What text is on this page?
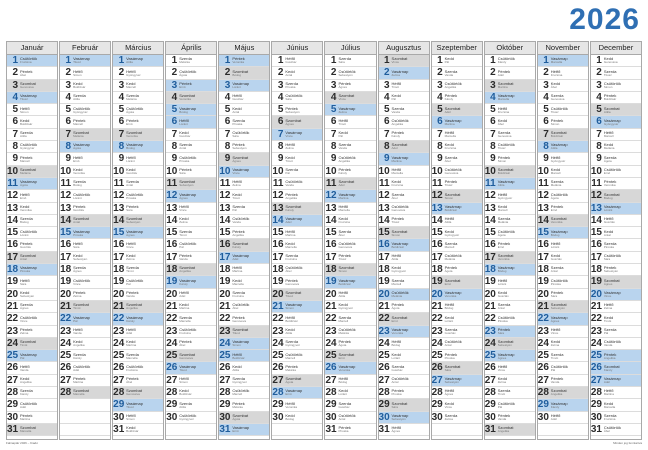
2026
Január
1 Csütörtök
Fruzsina
2 Péntek
Ábel
3 Szombat
Genovéva
4 Vasárnap
Titusz
5 Hétfő
Simon
6 Kedd
Boldizsár
7 Szerda
Attila
8 Csütörtök
Gyöngyvér
9 Péntek
Marcell
10 Szombat
Melánia
11 Vasárnap
Ágota
12 Hétfő
Ernő
13 Kedd
Veronika
14 Szerda
Bódog
15 Csütörtök
Lóránt
16 Péntek
Gusztáv
17 Szombat
Antal
18 Vasárnap
Piroska
19 Hétfő
Sára
20 Kedd
Sebestyén
21 Szerda
Ágnes
22 Csütörtök
Vince
23 Péntek
Zelma
24 Szombat
Timót
25 Vasárnap
Pál
26 Hétfő
Vanda
27 Kedd
Angelika
28 Szerda
Károly
29 Csütörtök
Adél
30 Péntek
Martina
31 Szombat
Marcella
Február
1 Vasárnap
Titusz
2 Hétfő
Simon
3 Kedd
Boldizsár
4 Szerda
Attila
5 Csütörtök
Gyöngyvér
6 Péntek
Marcell
7 Szombat
Melánia
8 Vasárnap
Ágota
9 Hétfő
Ernő
10 Kedd
Veronika
11 Szerda
Bódog
12 Csütörtök
Lóránt
13 Péntek
Gusztáv
14 Szombat
Antal
15 Vasárnap
Piroska
16 Hétfő
Sára
17 Kedd
Sebestyén
18 Szerda
Ágnes
19 Csütörtök
Vince
20 Péntek
Zelma
21 Szombat
Timót
22 Vasárnap
Pál
23 Hétfő
Vanda
24 Kedd
Angelika
25 Szerda
Károly
26 Csütörtök
Adél
27 Péntek
Martina
28 Szombat
Marcella
Március
1 Vasárnap
Attila
2 Hétfő
Gyöngyvér
3 Kedd
Marcell
4 Szerda
Melánia
5 Csütörtök
Ágota
6 Péntek
Ernő
7 Szombat
Veronika
8 Vasárnap
Bódog
9 Hétfő
Lóránt
10 Kedd
Gusztáv
11 Szerda
Antal
12 Csütörtök
Piroska
13 Péntek
Sára
14 Szombat
Sebestyén
15 Vasárnap
Ágnes
16 Hétfő
Vince
17 Kedd
Zelma
18 Szerda
Timót
19 Csütörtök
Pál
20 Péntek
Vanda
21 Szombat
Angelika
22 Vasárnap
Károly
23 Hétfő
Adél
24 Kedd
Martina
25 Szerda
Marcella
26 Csütörtök
Fruzsina
27 Péntek
Ábel
28 Szombat
Genovéva
29 Vasárnap
Titusz
30 Hétfő
Simon
31 Kedd
Boldizsár
Április
1 Szerda
Melánia
2 Csütörtök
Ágota
3 Péntek
Ernő
4 Szombat
Veronika
5 Vasárnap
Bódog
6 Hétfő
Lóránt
7 Kedd
Gusztáv
8 Szerda
Antal
9 Csütörtök
Piroska
10 Péntek
Sára
11 Szombat
Sebestyén
12 Vasárnap
Ágnes
13 Hétfő
Vince
14 Kedd
Zelma
15 Szerda
Timót
16 Csütörtök
Pál
17 Péntek
Vanda
18 Szombat
Angelika
19 Vasárnap
Károly
20 Hétfő
Adél
21 Kedd
Martina
22 Szerda
Marcella
23 Csütörtök
Fruzsina
24 Péntek
Ábel
25 Szombat
Genovéva
26 Vasárnap
Titusz
27 Hétfő
Simon
28 Kedd
Boldizsár
29 Szerda
Attila
30 Csütörtök
Gyöngyvér
Május
1 Péntek
Veronika
2 Szombat
Bódog
3 Vasárnap
Lóránt
4 Hétfő
Gusztáv
5 Kedd
Antal
6 Szerda
Piroska
7 Csütörtök
Sára
8 Péntek
Sebestyén
9 Szombat
Ágnes
10 Vasárnap
Vince
11 Hétfő
Zelma
12 Kedd
Timót
13 Szerda
Pál
14 Csütörtök
Vanda
15 Péntek
Angelika
16 Szombat
Károly
17 Vasárnap
Adél
18 Hétfő
Martina
19 Kedd
Marcella
20 Szerda
Fruzsina
21 Csütörtök
Ábel
22 Péntek
Genovéva
23 Szombat
Titusz
24 Vasárnap
Simon
25 Hétfő
Boldizsár
26 Kedd
Attila
27 Szerda
Gyöngyvér
28 Csütörtök
Marcell
29 Péntek
Melánia
30 Szombat
Ágota
31 Vasárnap
Ernő
Június
1 Hétfő
Gusztáv
2 Kedd
Antal
3 Szerda
Piroska
4 Csütörtök
Sára
5 Péntek
Sebestyén
6 Szombat
Ágnes
7 Vasárnap
Vince
8 Hétfő
Zelma
9 Kedd
Timót
10 Szerda
Pál
11 Csütörtök
Vanda
12 Péntek
Angelika
13 Szombat
Károly
14 Vasárnap
Adél
15 Hétfő
Martina
16 Kedd
Marcella
17 Szerda
Fruzsina
18 Csütörtök
Ábel
19 Péntek
Genovéva
20 Szombat
Titusz
21 Vasárnap
Simon
22 Hétfő
Boldizsár
23 Kedd
Attila
24 Szerda
Gyöngyvér
25 Csütörtök
Marcell
26 Péntek
Melánia
27 Szombat
Ágota
28 Vasárnap
Ernő
29 Hétfő
Veronika
30 Kedd
Bódog
Július
1 Szerda
Sára
2 Csütörtök
Sebestyén
3 Péntek
Ágnes
4 Szombat
Vince
5 Vasárnap
Zelma
6 Hétfő
Timót
7 Kedd
Pál
8 Szerda
Vanda
9 Csütörtök
Angelika
10 Péntek
Károly
11 Szombat
Adél
12 Vasárnap
Martina
13 Hétfő
Marcella
14 Kedd
Fruzsina
15 Szerda
Ábel
16 Csütörtök
Genovéva
17 Péntek
Titusz
18 Szombat
Simon
19 Vasárnap
Boldizsár
20 Hétfő
Attila
21 Kedd
Gyöngyvér
22 Szerda
Marcell
23 Csütörtök
Melánia
24 Péntek
Ágota
25 Szombat
Ernő
26 Vasárnap
Veronika
27 Hétfő
Bódog
28 Kedd
Lóránt
29 Szerda
Gusztáv
30 Csütörtök
Antal
31 Péntek
Piroska
Augusztus
1 Szombat
Vince
2 Vasárnap
Zelma
3 Hétfő
Timót
4 Kedd
Pál
5 Szerda
Vanda
6 Csütörtök
Angelika
7 Péntek
Károly
8 Szombat
Adél
9 Vasárnap
Martina
10 Hétfő
Marcella
11 Kedd
Fruzsina
12 Szerda
Ábel
13 Csütörtök
Genovéva
14 Péntek
Titusz
15 Szombat
Simon
16 Vasárnap
Boldizsár
17 Hétfő
Attila
18 Kedd
Gyöngyvér
19 Szerda
Marcell
20 Csütörtök
Melánia
21 Péntek
Ágota
22 Szombat
Ernő
23 Vasárnap
Veronika
24 Hétfő
Bódog
25 Kedd
Lóránt
26 Szerda
Gusztáv
27 Csütörtök
Antal
28 Péntek
Piroska
29 Szombat
Sára
30 Vasárnap
Sebestyén
31 Hétfő
Ágnes
Szeptember
1 Kedd
Pál
2 Szerda
Vanda
3 Csütörtök
Angelika
4 Péntek
Károly
5 Szombat
Adél
6 Vasárnap
Martina
7 Hétfő
Marcella
8 Kedd
Fruzsina
9 Szerda
Ábel
10 Csütörtök
Genovéva
11 Péntek
Titusz
12 Szombat
Simon
13 Vasárnap
Boldizsár
14 Hétfő
Attila
15 Kedd
Gyöngyvér
16 Szerda
Marcell
17 Csütörtök
Melánia
18 Péntek
Ágota
19 Szombat
Ernő
20 Vasárnap
Veronika
21 Hétfő
Bódog
22 Kedd
Lóránt
23 Szerda
Gusztáv
24 Csütörtök
Antal
25 Péntek
Piroska
26 Szombat
Sára
27 Vasárnap
Sebestyén
28 Hétfő
Ágnes
29 Kedd
Vince
30 Szerda
Zelma
Október
1 Csütörtök
Károly
2 Péntek
Adél
3 Szombat
Martina
4 Vasárnap
Marcella
5 Hétfő
Fruzsina
6 Kedd
Ábel
7 Szerda
Genovéva
8 Csütörtök
Titusz
9 Péntek
Simon
10 Szombat
Boldizsár
11 Vasárnap
Attila
12 Hétfő
Gyöngyvér
13 Kedd
Marcell
14 Szerda
Melánia
15 Csütörtök
Ágota
16 Péntek
Ernő
17 Szombat
Veronika
18 Vasárnap
Bódog
19 Hétfő
Lóránt
20 Kedd
Gusztáv
21 Szerda
Antal
22 Csütörtök
Piroska
23 Péntek
Sára
24 Szombat
Sebestyén
25 Vasárnap
Ágnes
26 Hétfő
Vince
27 Kedd
Zelma
28 Szerda
Timót
29 Csütörtök
Pál
30 Péntek
Vanda
31 Szombat
Angelika
November
1 Vasárnap
Marcella
2 Hétfő
Fruzsina
3 Kedd
Ábel
4 Szerda
Genovéva
5 Csütörtök
Titusz
6 Péntek
Simon
7 Szombat
Boldizsár
8 Vasárnap
Attila
9 Hétfő
Gyöngyvér
10 Kedd
Marcell
11 Szerda
Melánia
12 Csütörtök
Ágota
13 Péntek
Ernő
14 Szombat
Veronika
15 Vasárnap
Bódog
16 Hétfő
Lóránt
17 Kedd
Gusztáv
18 Szerda
Antal
19 Csütörtök
Piroska
20 Péntek
Sára
21 Szombat
Sebestyén
22 Vasárnap
Ágnes
23 Hétfő
Vince
24 Kedd
Zelma
25 Szerda
Timót
26 Csütörtök
Pál
27 Péntek
Vanda
28 Szombat
Angelika
29 Vasárnap
Károly
30 Hétfő
Adél
December
1 Kedd
Genovéva
2 Szerda
Titusz
3 Csütörtök
Simon
4 Péntek
Boldizsár
5 Szombat
Attila
6 Vasárnap
Gyöngyvér
7 Hétfő
Marcell
8 Kedd
Melánia
9 Szerda
Ágota
10 Csütörtök
Ernő
11 Péntek
Veronika
12 Szombat
Bódog
13 Vasárnap
Lóránt
14 Hétfő
Gusztáv
15 Kedd
Antal
16 Szerda
Piroska
17 Csütörtök
Sára
18 Péntek
Sebestyén
19 Szombat
Ágnes
20 Vasárnap
Vince
21 Hétfő
Zelma
22 Kedd
Timót
23 Szerda
Pál
24 Csütörtök
Vanda
25 Péntek
Angelika
26 Szombat
Károly
27 Vasárnap
Adél
28 Hétfő
Martina
29 Kedd
Marcella
30 Szerda
Fruzsina
31 Csütörtök
Ábel
Falinaptár 2026 – Kiadó	Minden jog fenntartva
